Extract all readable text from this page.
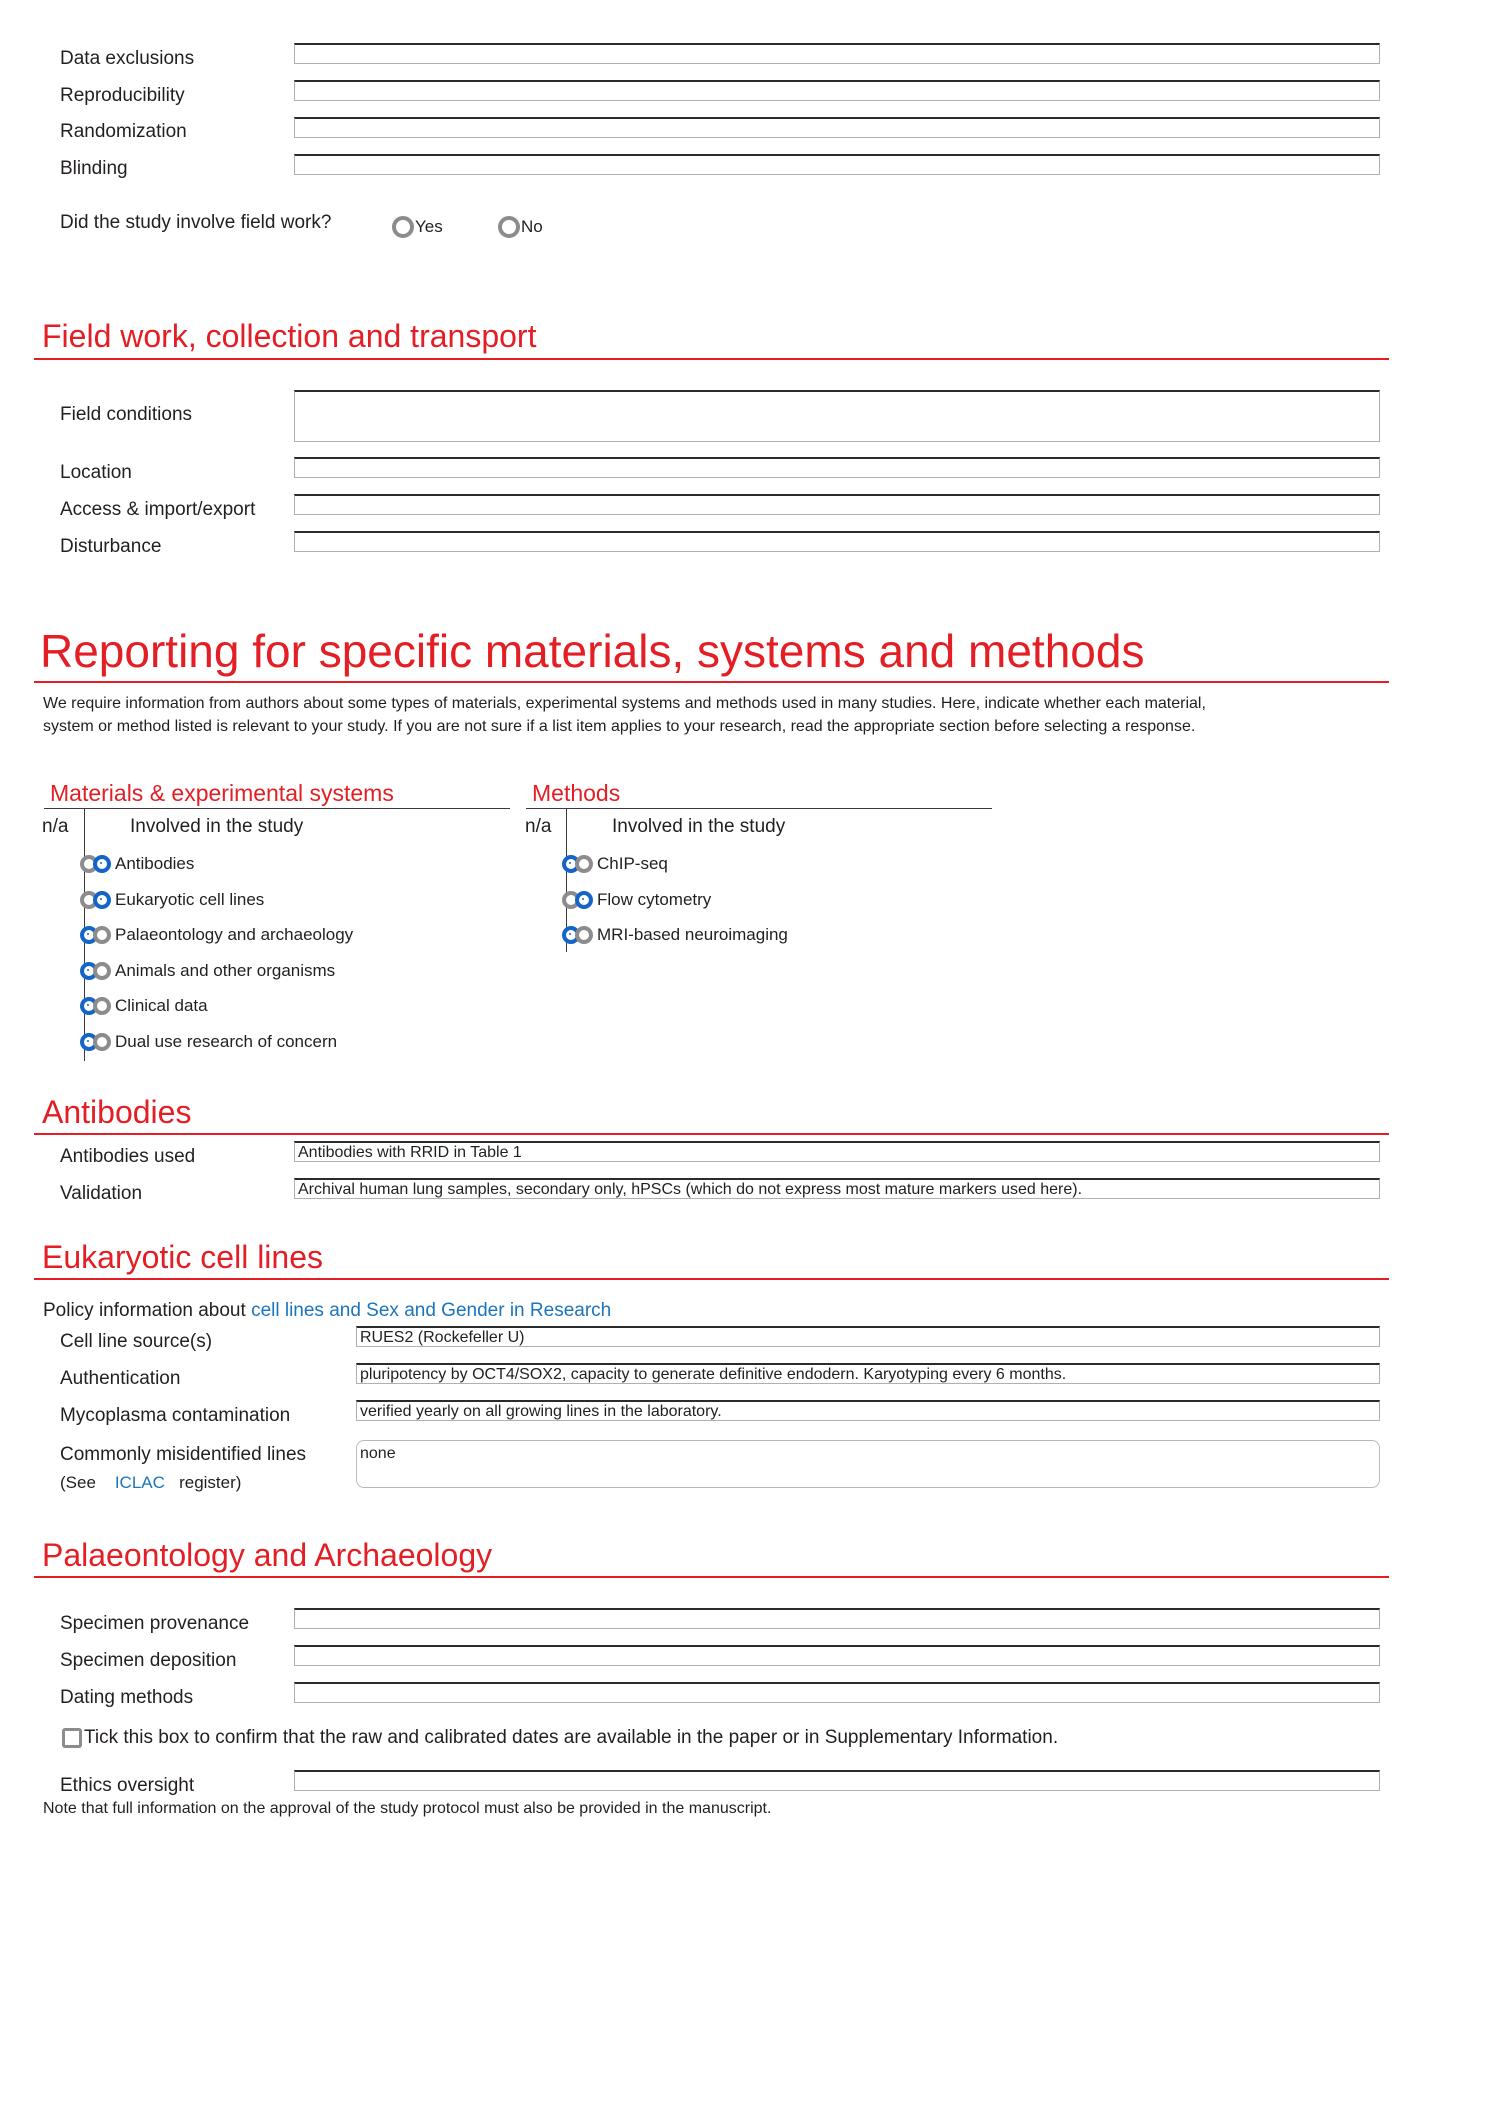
Data exclusions
Reproducibility
Randomization
Blinding
Did the study involve field work?	Yes	No
Field work, collection and transport
Field conditions
Location
Access & import/export
Disturbance
Reporting for specific materials, systems and methods
We require information from authors about some types of materials, experimental systems and methods used in many studies. Here, indicate whether each material,
system or method listed is relevant to your study. If you are not sure if a list item applies to your research, read the appropriate section before selecting a response.
Materials & experimental systems
n/a	Involved in the study
Antibodies
Eukaryotic cell lines
Palaeontology and archaeology
Animals and other organisms
Clinical data
Dual use research of concern
Methods
n/a	Involved in the study
ChIP-seq
Flow cytometry
MRI-based neuroimaging
Antibodies
Antibodies used	Antibodies with RRID in Table 1
Validation	Archival human lung samples, secondary only, hPSCs (which do not express most mature markers used here).
Eukaryotic cell lines
Policy information about cell lines and Sex and Gender in Research
Cell line source(s)	RUES2 (Rockefeller U)
Authentication	pluripotency by OCT4/SOX2, capacity to generate definitive endodern. Karyotyping every 6 months.
Mycoplasma contamination	verified yearly on all growing lines in the laboratory.
Commonly misidentified lines
(See ICLAC register)
none
Palaeontology and Archaeology
Specimen provenance
Specimen deposition
Dating methods
Tick this box to confirm that the raw and calibrated dates are available in the paper or in Supplementary Information.
Ethics oversight
Note that full information on the approval of the study protocol must also be provided in the manuscript.
